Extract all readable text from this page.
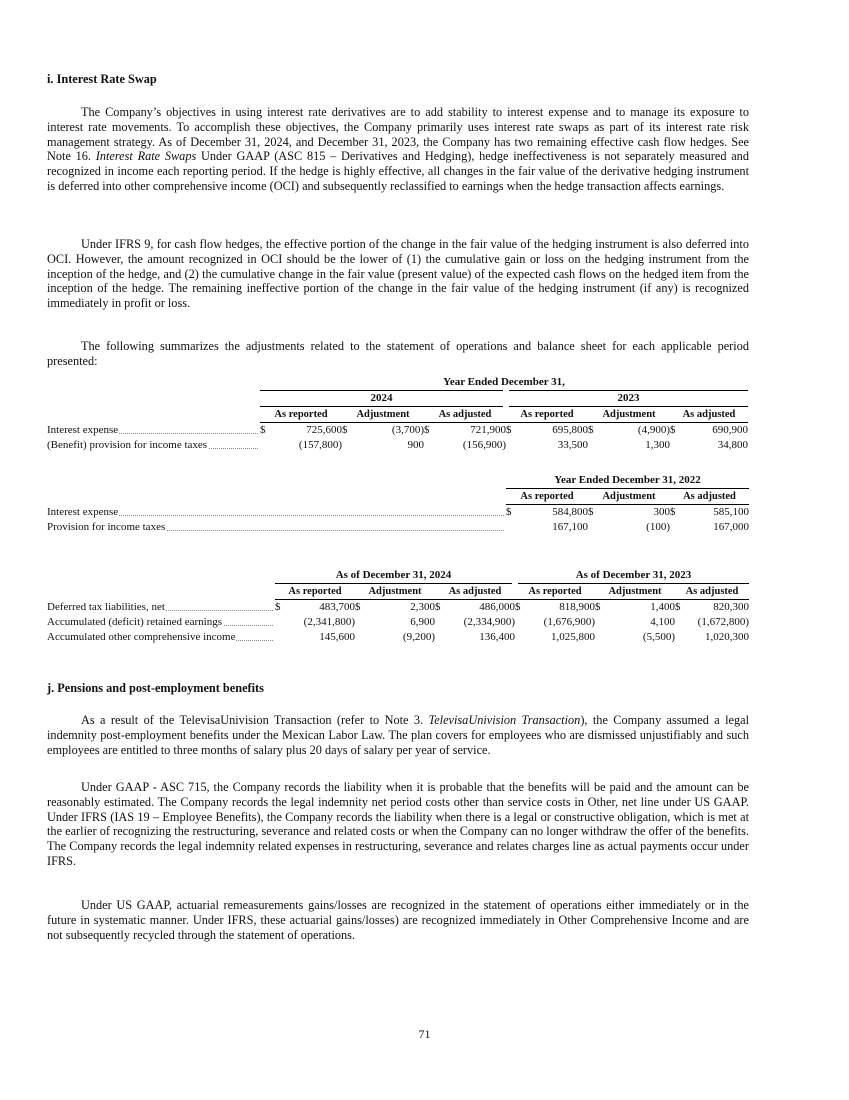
i. Interest Rate Swap

The Company’s objectives in using interest rate derivatives are to add stability to interest expense and to manage its exposure to interest rate movements. To accomplish these objectives, the Company primarily uses interest rate swaps as part of its interest rate risk management strategy. As of December 31, 2024, and December 31, 2023, the Company has two remaining effective cash flow hedges. See Note 16. Interest Rate Swaps Under GAAP (ASC 815 – Derivatives and Hedging), hedge ineffectiveness is not separately measured and recognized in income each reporting period. If the hedge is highly effective, all changes in the fair value of the derivative hedging instrument is deferred into other comprehensive income (OCI) and subsequently reclassified to earnings when the hedge transaction affects earnings.

Under IFRS 9, for cash flow hedges, the effective portion of the change in the fair value of the hedging instrument is also deferred into OCI. However, the amount recognized in OCI should be the lower of (1) the cumulative gain or loss on the hedging instrument from the inception of the hedge, and (2) the cumulative change in the fair value (present value) of the expected cash flows on the hedged item from the inception of the hedge. The remaining ineffective portion of the change in the fair value of the hedging instrument (if any) is recognized immediately in profit or loss.

The following summarizes the adjustments related to the statement of operations and balance sheet for each applicable period presented:

	Year Ended December 31,											
	2024						2023					
	As reported		Adjustment		As adjusted		As reported		Adjustment		As adjusted	

Interest expense	$	725,600	$	(3,700)	$	721,900	$	695,800	$	(4,900)	$	690,900

(Benefit) provision for income taxes		(157,800)		900		(156,900)		33,500		1,300		34,800
	Year Ended December 31, 2022					
	As reported		Adjustment		As adjusted	

Interest expense	$	584,800	$	300	$	585,100

Provision for income taxes		167,100		(100)		167,000
	As of December 31, 2024						As of December 31, 2023					
	As reported		Adjustment		As adjusted		As reported		Adjustment		As adjusted	

Deferred tax liabilities, net	$	483,700	$	2,300	$	486,000	$	818,900	$	1,400	$	820,300

Accumulated (deficit) retained earnings		(2,341,800)		6,900		(2,334,900)		(1,676,900)		4,100		(1,672,800)

Accumulated other comprehensive income		145,600		(9,200)		136,400		1,025,800		(5,500)		1,020,300
j. Pensions and post-employment benefits

As a result of the TelevisaUnivision Transaction (refer to Note 3. TelevisaUnivision Transaction), the Company assumed a legal indemnity post-employment benefits under the Mexican Labor Law. The plan covers for employees who are dismissed unjustifiably and such employees are entitled to three months of salary plus 20 days of salary per year of service.

Under GAAP - ASC 715, the Company records the liability when it is probable that the benefits will be paid and the amount can be reasonably estimated. The Company records the legal indemnity net period costs other than service costs in Other, net line under US GAAP. Under IFRS (IAS 19 – Employee Benefits), the Company records the liability when there is a legal or constructive obligation, which is met at the earlier of recognizing the restructuring, severance and related costs or when the Company can no longer withdraw the offer of the benefits. The Company records the legal indemnity related expenses in restructuring, severance and relates charges line as actual payments occur under IFRS.

Under US GAAP, actuarial remeasurements gains/losses are recognized in the statement of operations either immediately or in the future in systematic manner. Under IFRS, these actuarial gains/losses) are recognized immediately in Other Comprehensive Income and are not subsequently recycled through the statement of operations.

71
